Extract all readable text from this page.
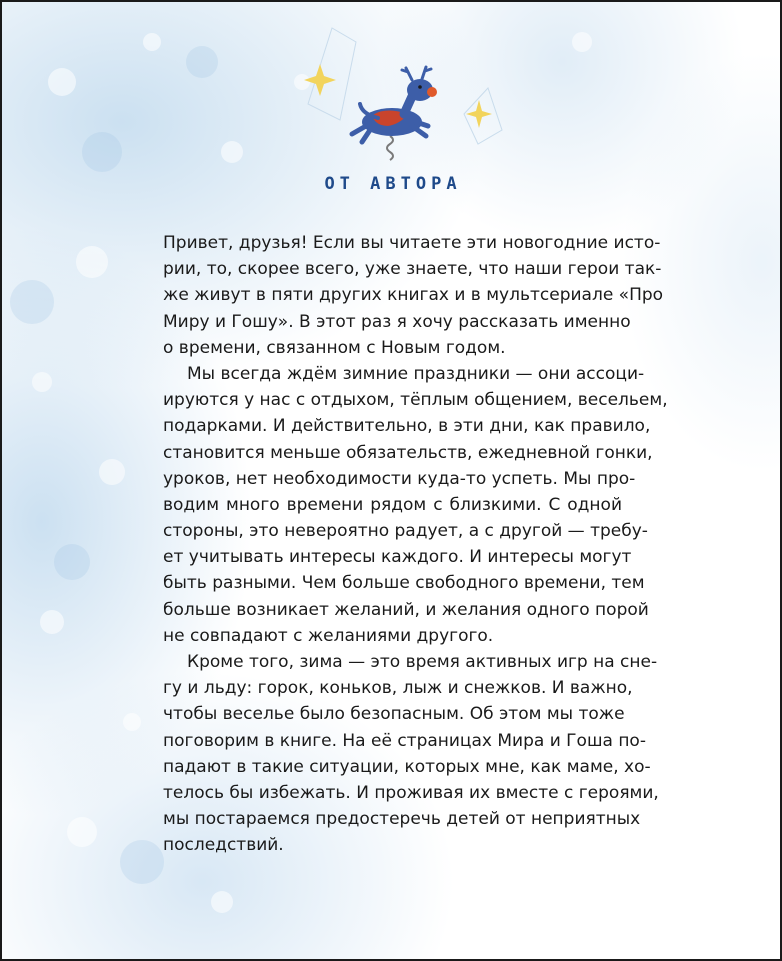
ОТ АВТОРА
Привет, друзья! Если вы читаете эти новогодние исто-
рии, то, скорее всего, уже знаете, что наши герои так-
же живут в пяти других книгах и в мультсериале «Про
Миру и Гошу». В этот раз я хочу рассказать именно
о времени, связанном с Новым годом.
Мы всегда ждём зимние праздники — они ассоци-
ируются у нас с отдыхом, тёплым общением, весельем,
подарками. И действительно, в эти дни, как правило,
становится меньше обязательств, ежедневной гонки,
уроков, нет необходимости куда-то успеть. Мы про-
водим много времени рядом с близкими. С одной
стороны, это невероятно радует, а с другой — требу-
ет учитывать интересы каждого. И интересы могут
быть разными. Чем больше свободного времени, тем
больше возникает желаний, и желания одного порой
не совпадают с желаниями другого.
Кроме того, зима — это время активных игр на сне-
гу и льду: горок, коньков, лыж и снежков. И важно,
чтобы веселье было безопасным. Об этом мы тоже
поговорим в книге. На её страницах Мира и Гоша по-
падают в такие ситуации, которых мне, как маме, хо-
телось бы избежать. И проживая их вместе с героями,
мы постараемся предостеречь детей от неприятных
последствий.
